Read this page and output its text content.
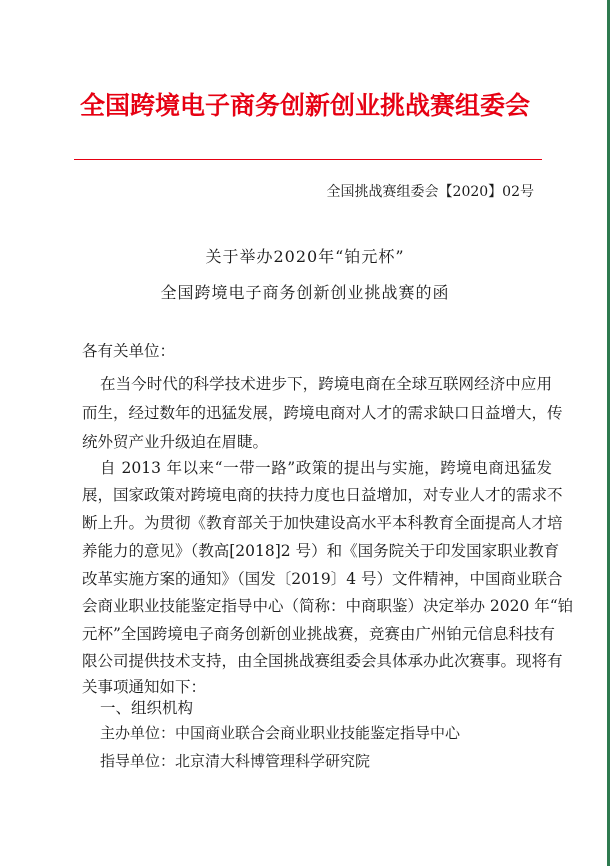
全国跨境电子商务创新创业挑战赛组委会
全国挑战赛组委会【2020】02号
关于举办2020年“铂元杯”
全国跨境电子商务创新创业挑战赛的函
各有关单位：
在当今时代的科学技术进步下，跨境电商在全球互联网经济中应用
而生，经过数年的迅猛发展，跨境电商对人才的需求缺口日益增大，传
统外贸产业升级迫在眉睫。
自 2013 年以来“一带一路”政策的提出与实施，跨境电商迅猛发
展，国家政策对跨境电商的扶持力度也日益增加，对专业人才的需求不
断上升。为贯彻《教育部关于加快建设高水平本科教育全面提高人才培
养能力的意见》（教高[2018]2 号）和《国务院关于印发国家职业教育
改革实施方案的通知》（国发〔2019〕4 号）文件精神，中国商业联合
会商业职业技能鉴定指导中心（简称：中商职鉴）决定举办 2020 年“铂
元杯”全国跨境电子商务创新创业挑战赛，竞赛由广州铂元信息科技有
限公司提供技术支持，由全国挑战赛组委会具体承办此次赛事。现将有
关事项通知如下：
一、组织机构
主办单位：中国商业联合会商业职业技能鉴定指导中心
指导单位：北京清大科博管理科学研究院
